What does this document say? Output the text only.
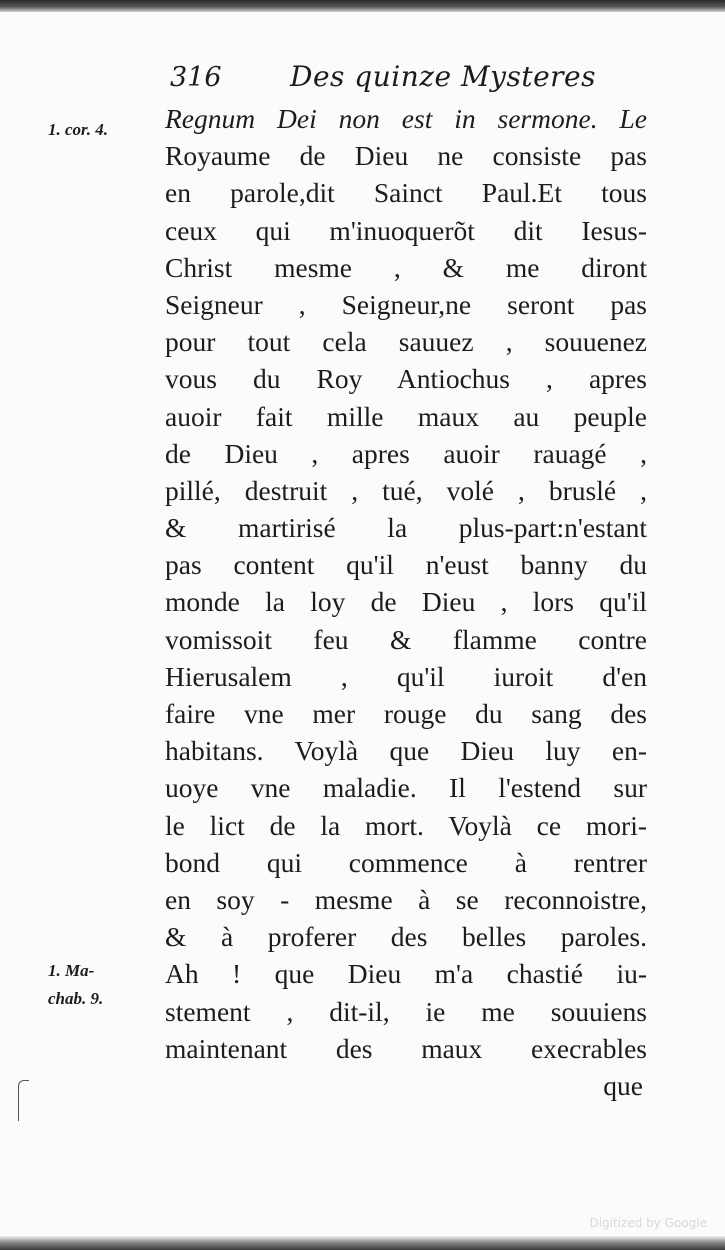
316 Des quinze Mysteres
1. cor. 4.
1. Ma-
chab. 9.
Regnum Dei non est in sermone. Le
Royaume de Dieu ne consiste pas
en parole,dit Sainct Paul.Et tous
ceux qui m'inuoquerõt dit Iesus-
Christ mesme , & me diront
Seigneur , Seigneur,ne seront pas
pour tout cela sauuez , souuenez
vous du Roy Antiochus , apres
auoir fait mille maux au peuple
de Dieu , apres auoir rauagé ,
pillé, destruit , tué, volé , bruslé ,
& martirisé la plus-part:n'estant
pas content qu'il n'eust banny du
monde la loy de Dieu , lors qu'il
vomissoit feu & flamme contre
Hierusalem , qu'il iuroit d'en
faire vne mer rouge du sang des
habitans. Voylà que Dieu luy en-
uoye vne maladie. Il l'estend sur
le lict de la mort. Voylà ce mori-
bond qui commence à rentrer
en soy - mesme à se reconnoistre,
& à proferer des belles paroles.
Ah ! que Dieu m'a chastié iu-
stement , dit-il, ie me souuiens
maintenant des maux execrables
que
Digitized by Google
